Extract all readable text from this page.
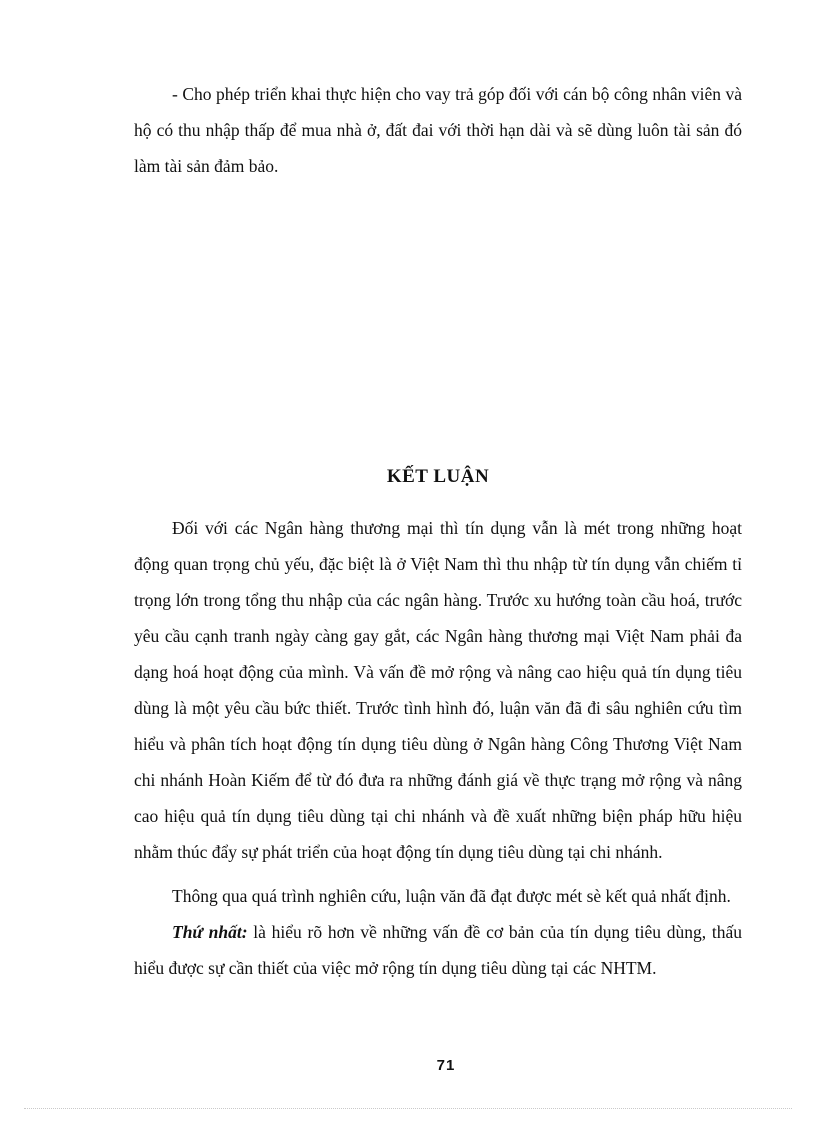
- Cho phép triển khai thực hiện cho vay trả góp đối với cán bộ công nhân viên và hộ có thu nhập thấp để mua nhà ở, đất đai với thời hạn dài và sẽ dùng luôn tài sản đó làm tài sản đảm bảo.

KẾT LUẬN

Đối với các Ngân hàng thương mại thì tín dụng vẫn là mét trong những hoạt động quan trọng chủ yếu, đặc biệt là ở Việt Nam thì thu nhập từ tín dụng vẫn chiếm tỉ trọng lớn trong tổng thu nhập của các ngân hàng. Trước xu hướng toàn cầu hoá, trước yêu cầu cạnh tranh ngày càng gay gắt, các Ngân hàng thương mại Việt Nam phải đa dạng hoá hoạt động của mình. Và vấn đề mở rộng và nâng cao hiệu quả tín dụng tiêu dùng là một yêu cầu bức thiết. Trước tình hình đó, luận văn đã đi sâu nghiên cứu tìm hiểu và phân tích hoạt động tín dụng tiêu dùng ở Ngân hàng Công Thương Việt Nam chi nhánh Hoàn Kiếm để từ đó đưa ra những đánh giá về thực trạng mở rộng và nâng cao hiệu quả tín dụng tiêu dùng tại chi nhánh và đề xuất những biện pháp hữu hiệu nhằm thúc đẩy sự phát triển của hoạt động tín dụng tiêu dùng tại chi nhánh.

Thông qua quá trình nghiên cứu, luận văn đã đạt được mét sè kết quả nhất định.

Thứ nhất: là hiểu rõ hơn về những vấn đề cơ bản của tín dụng tiêu dùng, thấu hiểu được sự cần thiết của việc mở rộng tín dụng tiêu dùng tại các NHTM.

71
